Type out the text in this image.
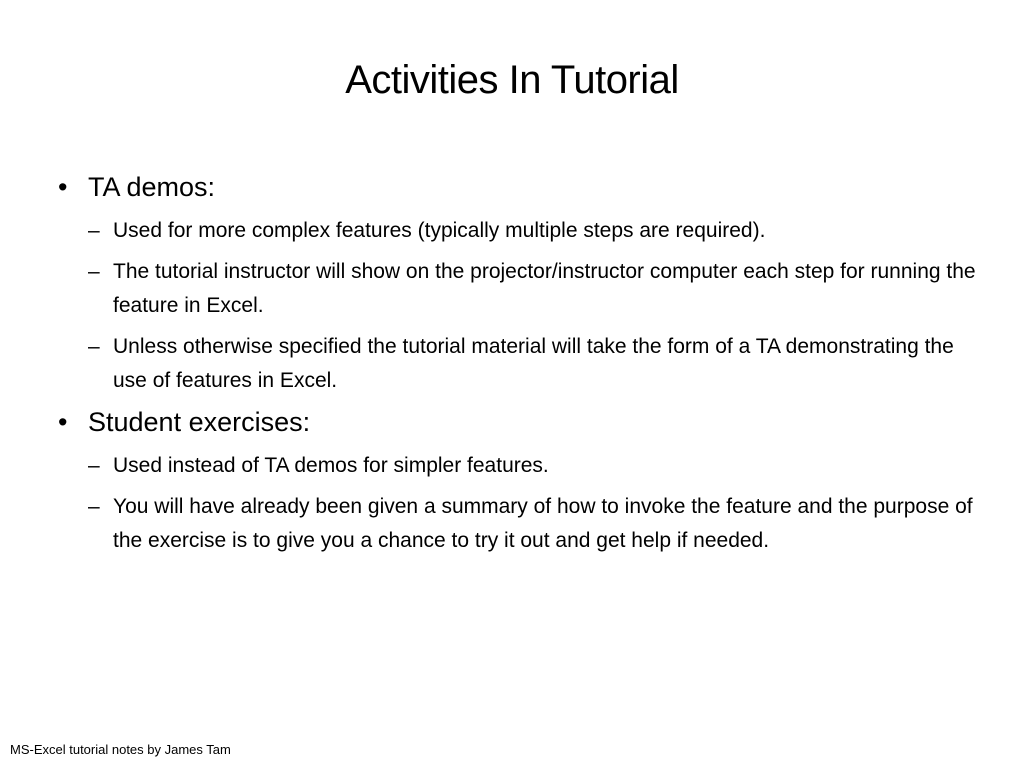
Activities In Tutorial
• TA demos:
– Used for more complex features (typically multiple steps are required).
– The tutorial instructor will show on the projector/instructor computer each step for running the feature in Excel.
– Unless otherwise specified the tutorial material will take the form of a TA demonstrating the use of features in Excel.
• Student exercises:
– Used instead of TA demos for simpler features.
– You will have already been given a summary of how to invoke the feature and the purpose of the exercise is to give you a chance to try it out and get help if needed.
MS-Excel tutorial notes by James Tam
